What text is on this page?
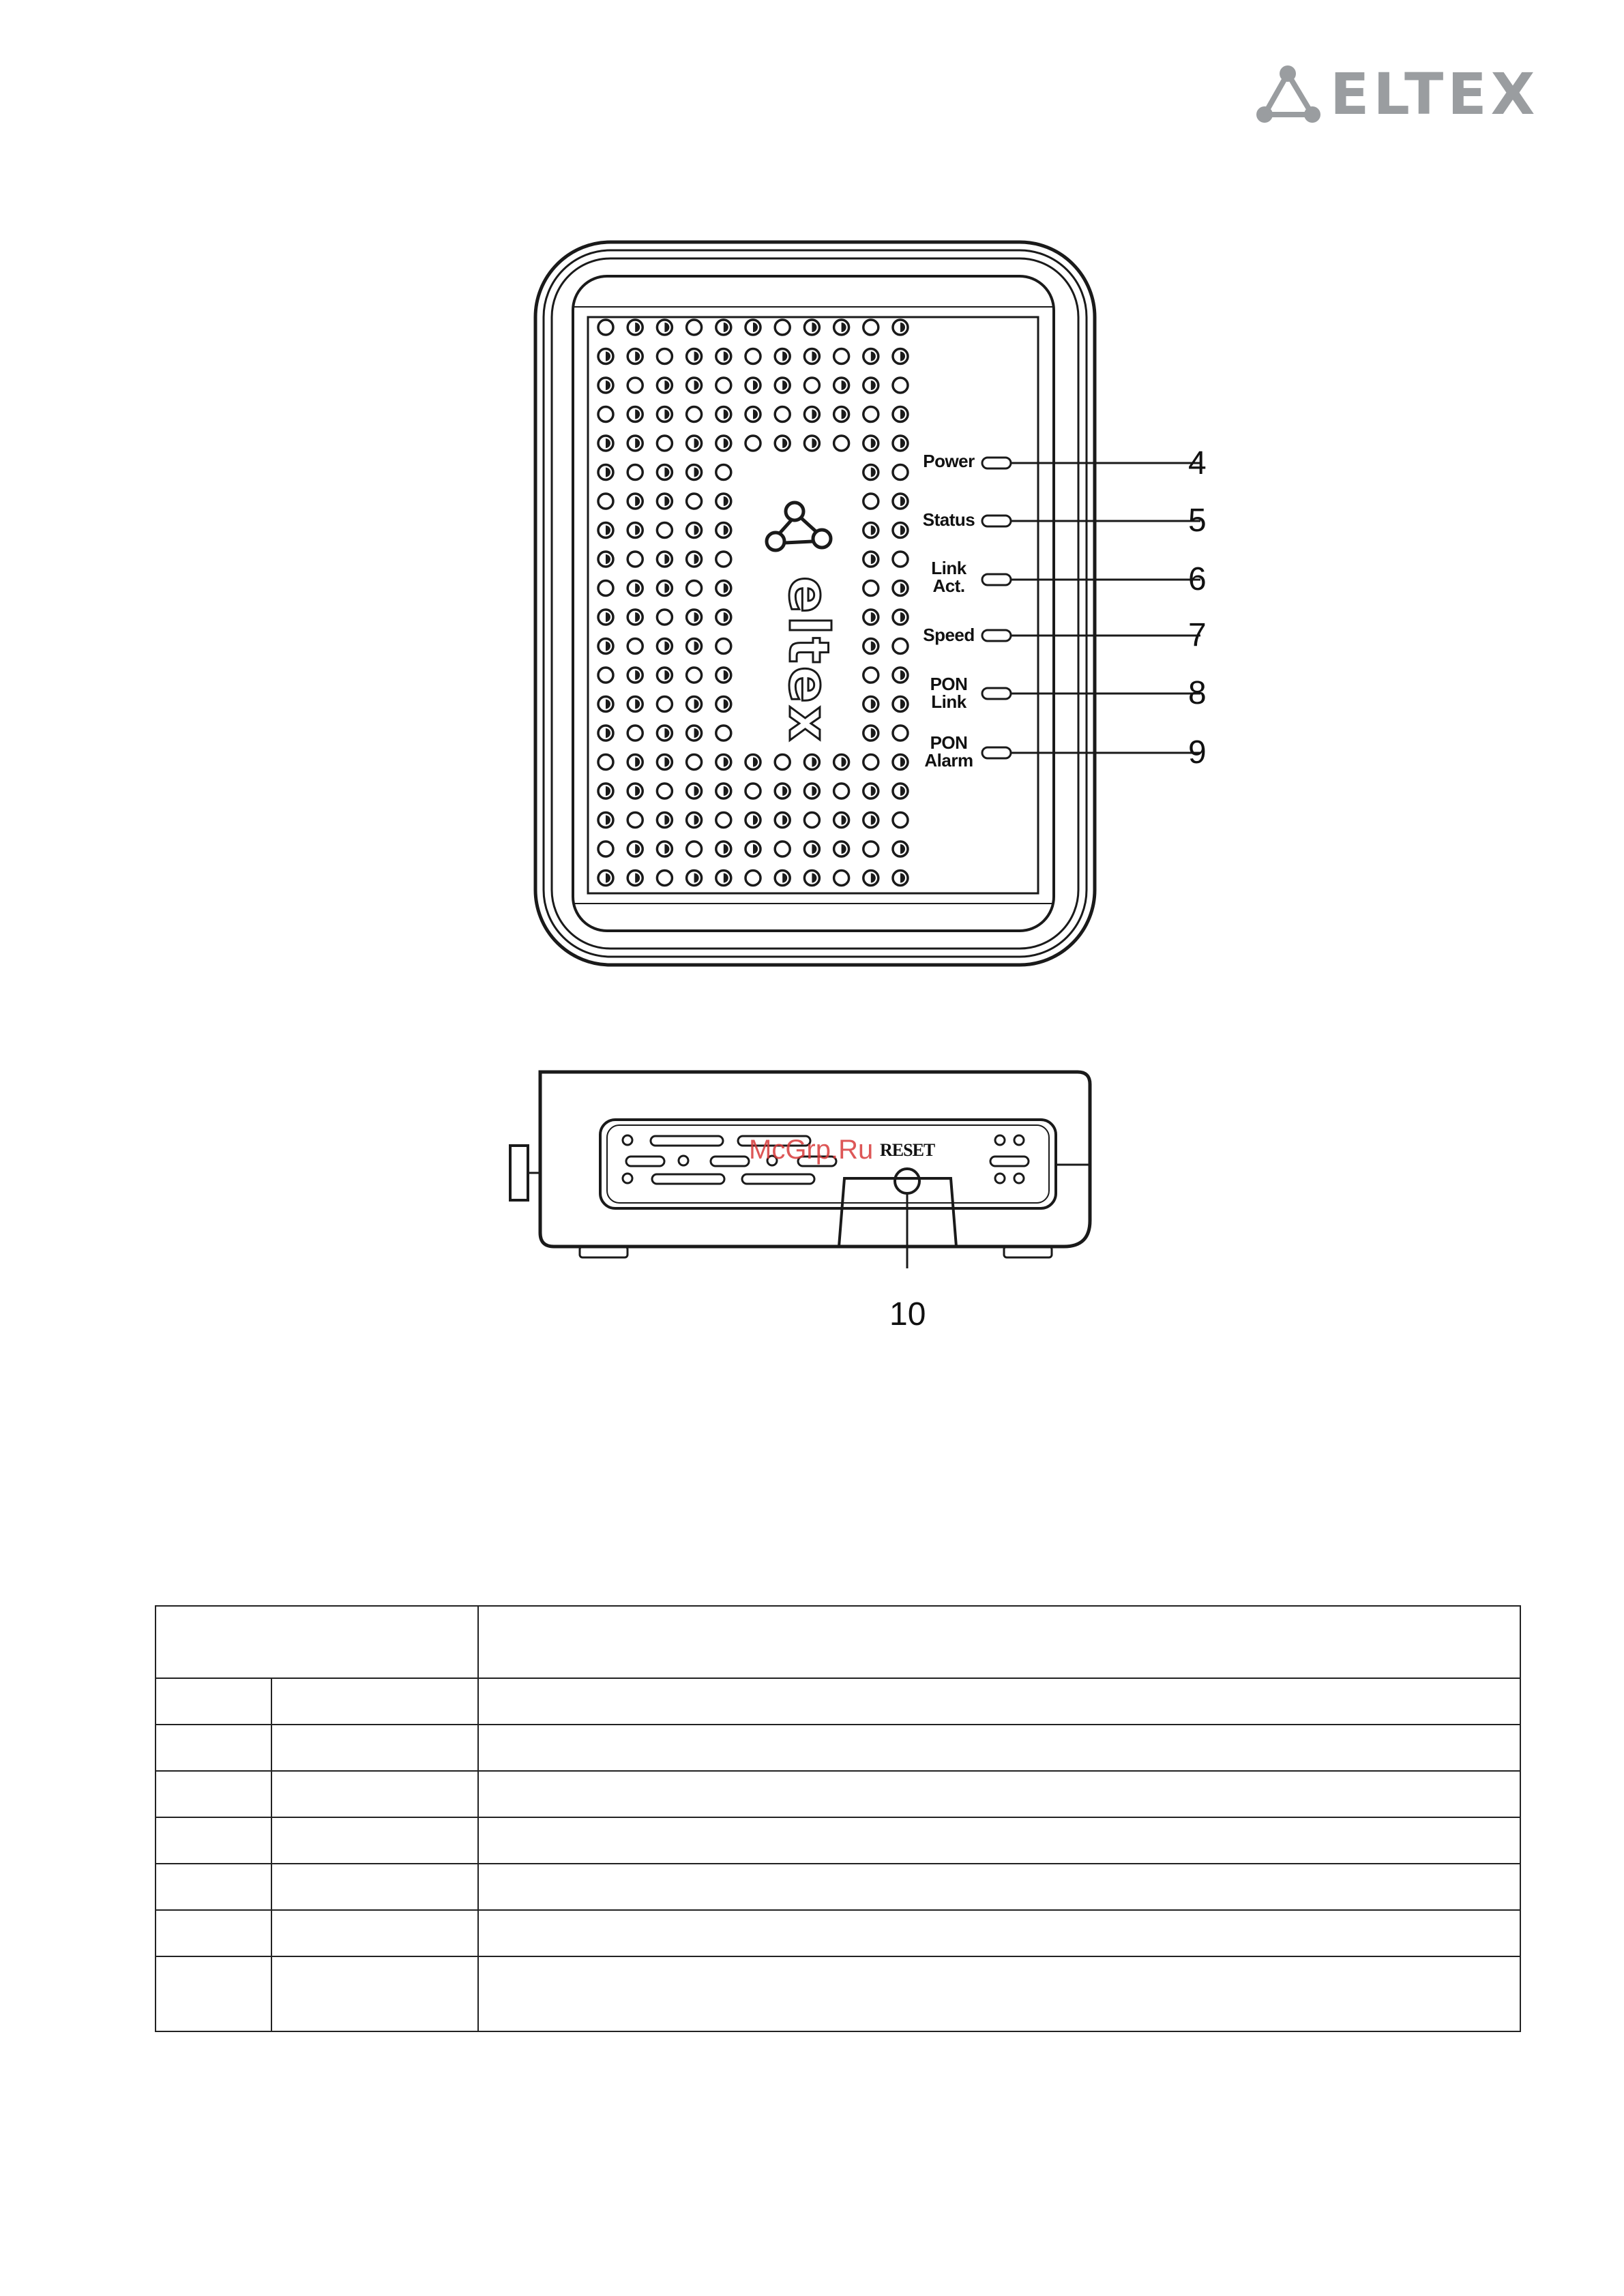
ELTEX
eltex
Power
Status
Link
Act.
Speed
PON
Link
PON
Alarm
4
5
6
7
8
9
RESET
McGrp.Ru
10
